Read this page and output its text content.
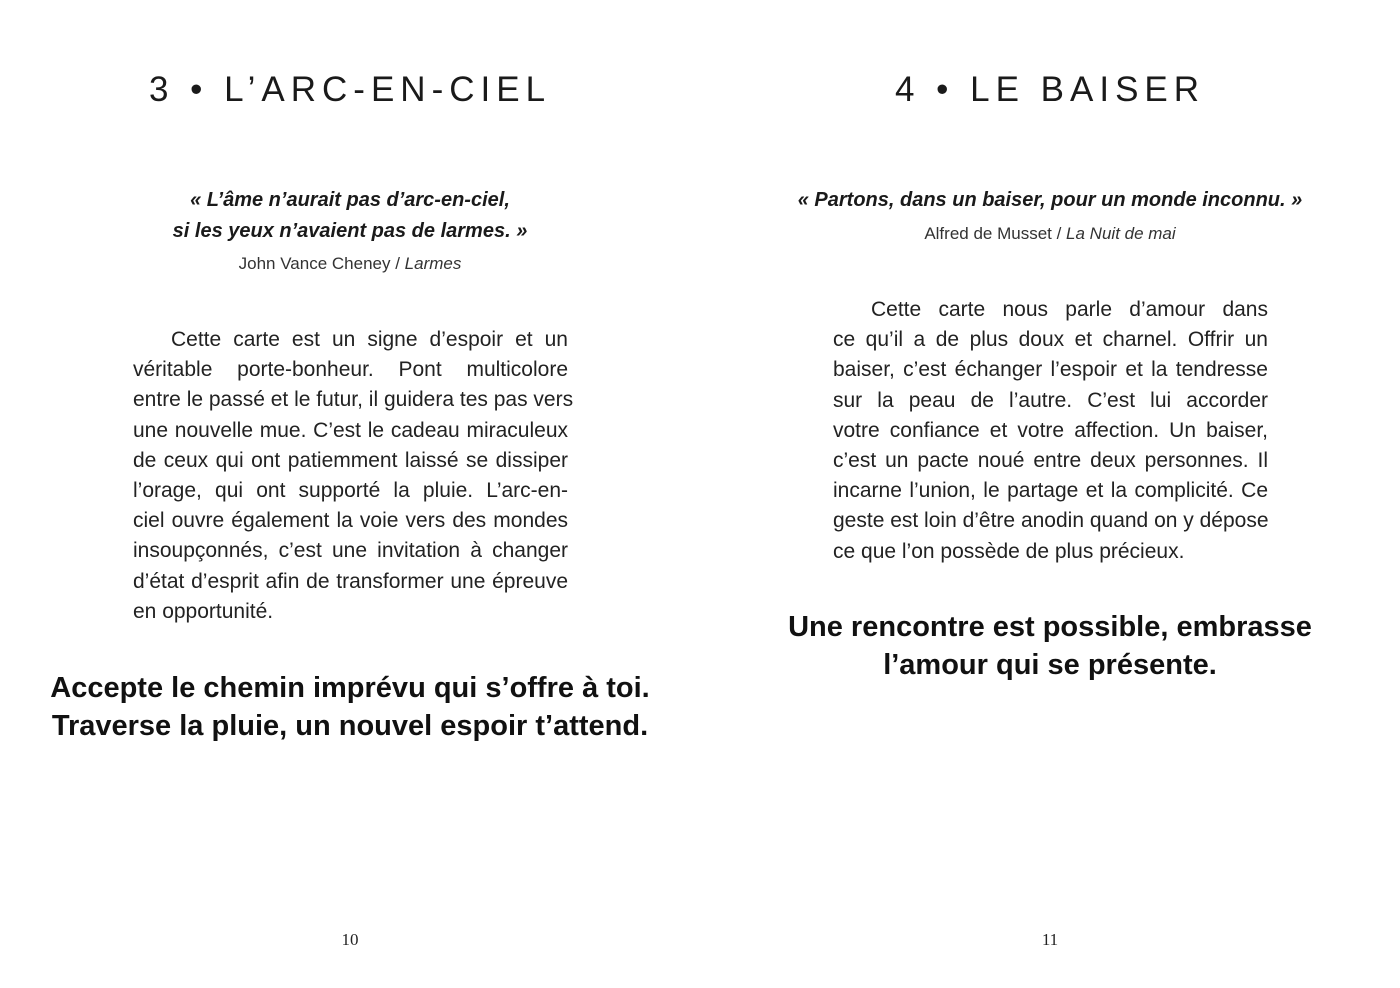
3 • L’ARC-EN-CIEL
« L’âme n’aurait pas d’arc-en-ciel,
si les yeux n’avaient pas de larmes. »

John Vance Cheney / Larmes

Cette carte est un signe d’espoir et un
véritable porte-bonheur. Pont multicolore
entre le passé et le futur, il guidera tes pas vers
une nouvelle mue. C’est le cadeau miraculeux
de ceux qui ont patiemment laissé se dissiper
l’orage, qui ont supporté la pluie. L’arc-en-
ciel ouvre également la voie vers des mondes
insoupçonnés, c’est une invitation à changer
d’état d’esprit afin de transformer une épreuve
en opportunité.
Accepte le chemin imprévu qui s’offre à toi.
Traverse la pluie, un nouvel espoir t’attend.

10

4 • LE BAISER
« Partons, dans un baiser, pour un monde inconnu. »

Alfred de Musset / La Nuit de mai

Cette carte nous parle d’amour dans
ce qu’il a de plus doux et charnel. Offrir un
baiser, c’est échanger l’espoir et la tendresse
sur la peau de l’autre. C’est lui accorder
votre confiance et votre affection. Un baiser,
c’est un pacte noué entre deux personnes. Il
incarne l’union, le partage et la complicité. Ce
geste est loin d’être anodin quand on y dépose
ce que l’on possède de plus précieux.
Une rencontre est possible, embrasse
l’amour qui se présente.

11
